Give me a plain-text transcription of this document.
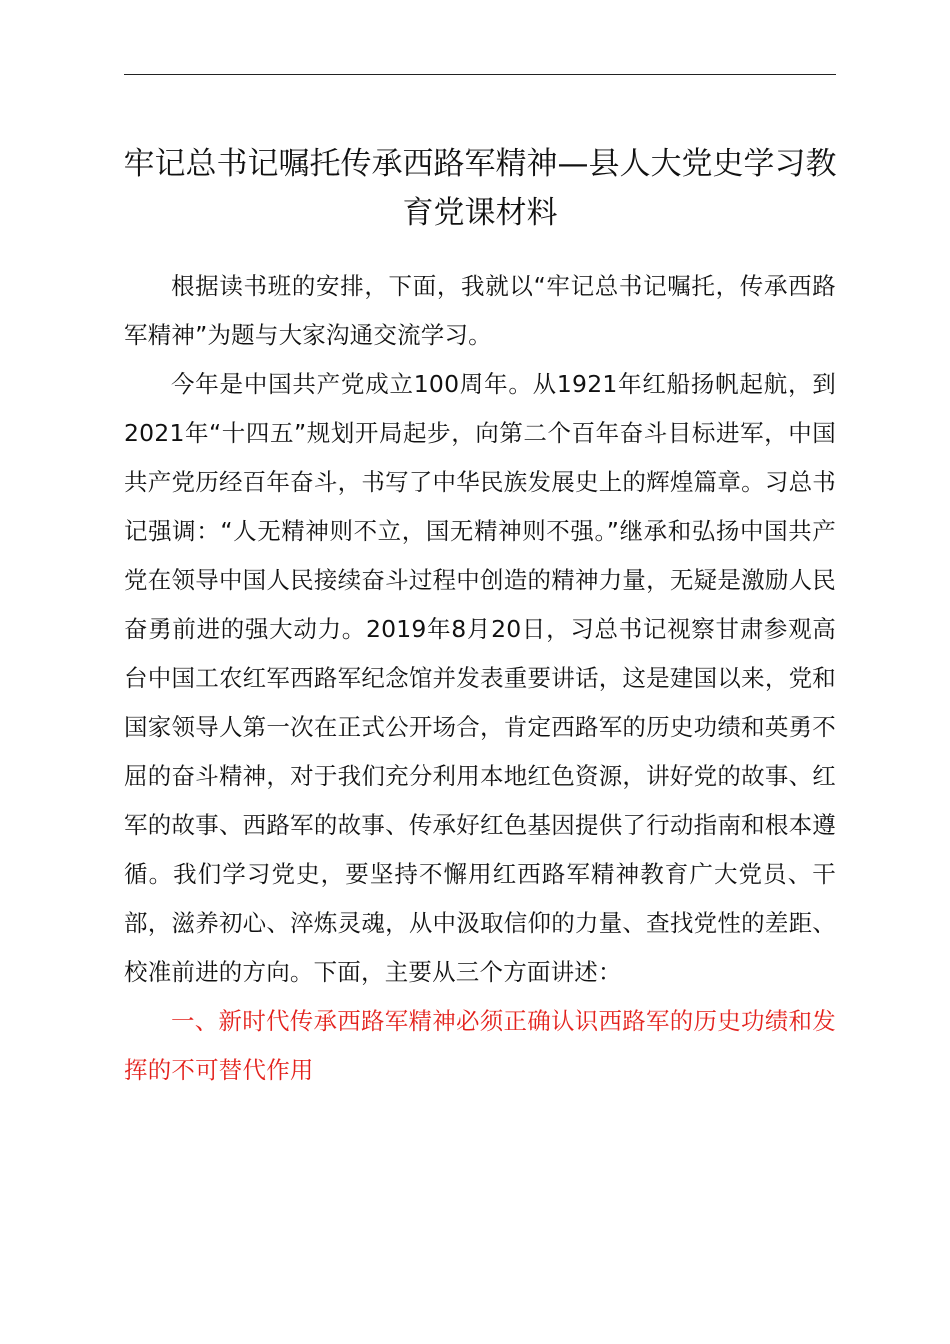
牢记总书记嘱托传承西路军精神—县人大党史学习教育党课材料

根据读书班的安排，下面，我就以“牢记总书记嘱托，传承西路军精神”为题与大家沟通交流学习。

今年是中国共产党成立100周年。从1921年红船扬帆起航，到2021年“十四五”规划开局起步，向第二个百年奋斗目标进军，中国共产党历经百年奋斗，书写了中华民族发展史上的辉煌篇章。习总书记强调：“人无精神则不立，国无精神则不强。”继承和弘扬中国共产党在领导中国人民接续奋斗过程中创造的精神力量，无疑是激励人民奋勇前进的强大动力。2019年8月20日，习总书记视察甘肃参观高台中国工农红军西路军纪念馆并发表重要讲话，这是建国以来，党和国家领导人第一次在正式公开场合，肯定西路军的历史功绩和英勇不屈的奋斗精神，对于我们充分利用本地红色资源，讲好党的故事、红军的故事、西路军的故事、传承好红色基因提供了行动指南和根本遵循。我们学习党史，要坚持不懈用红西路军精神教育广大党员、干部，滋养初心、淬炼灵魂，从中汲取信仰的力量、查找党性的差距、校准前进的方向。下面，主要从三个方面讲述：

一、新时代传承西路军精神必须正确认识西路军的历史功绩和发挥的不可替代作用
